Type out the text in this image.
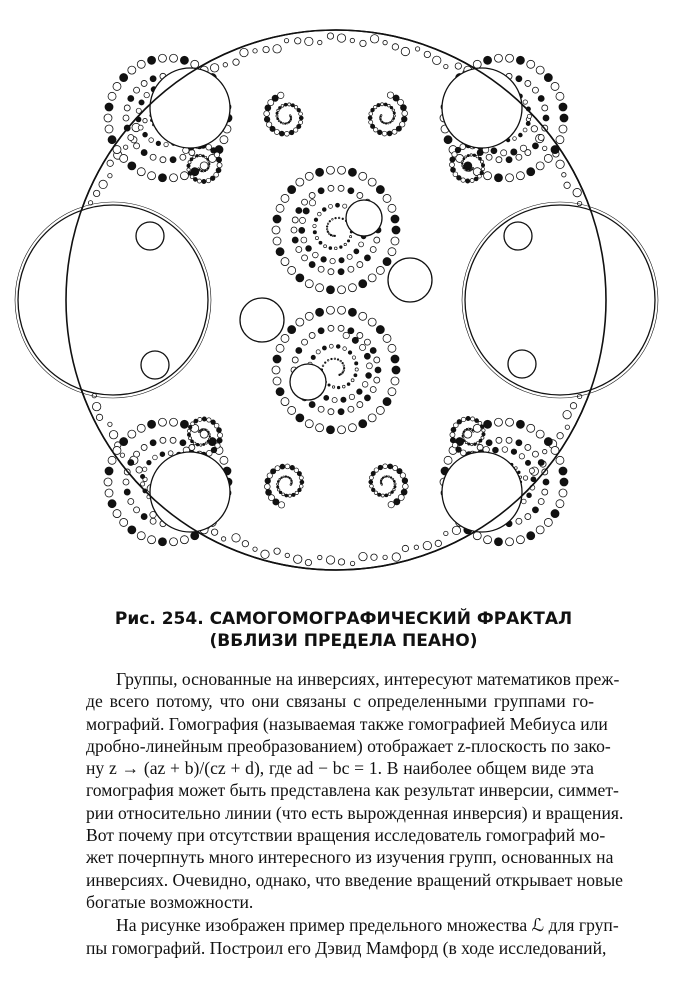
Рис. 254. САМОГОМОГРАФИЧЕСКИЙ ФРАКТАЛ
(ВБЛИЗИ ПРЕДЕЛА ПЕАНО)

Группы, основанные на инверсиях, интересуют математиков преж-
де всего потому, что они связаны с определенными группами го-
мографий. Гомография (называемая также гомографией Мебиуса или
дробно-линейным преобразованием) отображает z-плоскость по зако-
ну z → (az + b)/(cz + d), где ad − bc = 1. В наиболее общем виде эта
гомография может быть представлена как результат инверсии, симмет-
рии относительно линии (что есть вырожденная инверсия) и вращения.
Вот почему при отсутствии вращения исследователь гомографий мо-
жет почерпнуть много интересного из изучения групп, основанных на
инверсиях. Очевидно, однако, что введение вращений открывает новые
богатые возможности.

На рисунке изображен пример предельного множества ℒ для груп-
пы гомографий. Построил его Дэвид Мамфорд (в ходе исследований,
